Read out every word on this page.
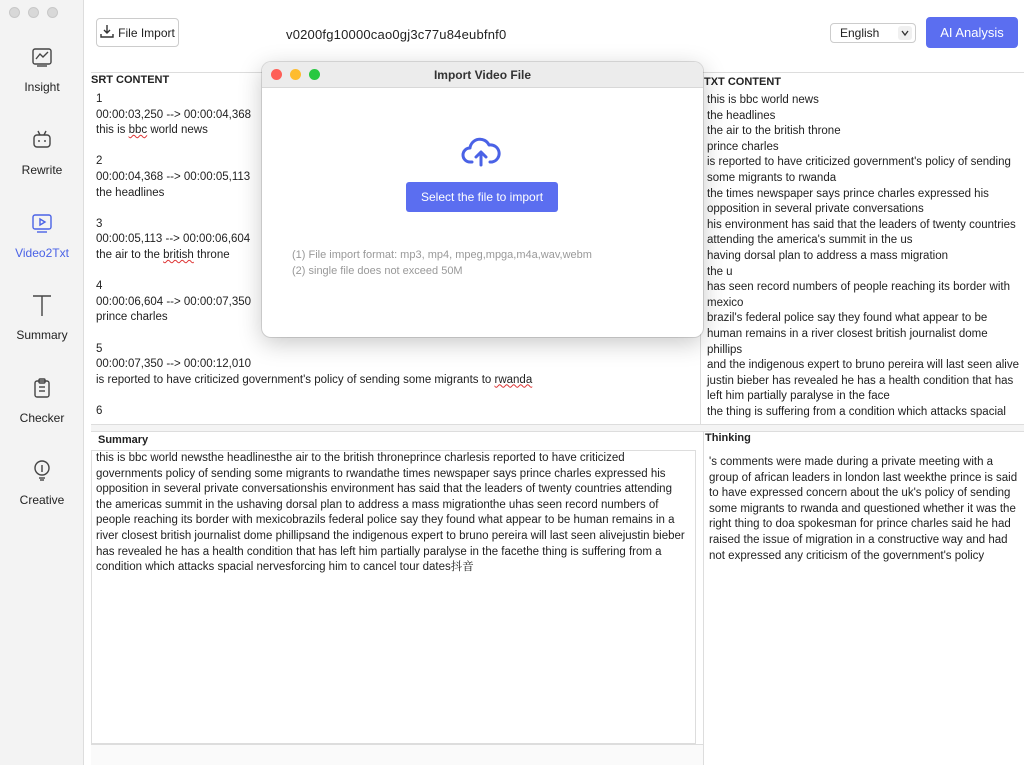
Insight
Rewrite
Video2Txt
Summary
Checker
Creative
File Import	v0200fg10000cao0gj3c77u84eubfnf0	English	AI Analysis
SRT CONTENT
1
00:00:03,250 --> 00:00:04,368
this is bbc world news
2
00:00:04,368 --> 00:00:05,113
the headlines
3
00:00:05,113 --> 00:00:06,604
the air to the british throne
4
00:00:06,604 --> 00:00:07,350
prince charles
5
00:00:07,350 --> 00:00:12,010
is reported to have criticized government's policy of sending some migrants to rwanda
6
TXT CONTENT
this is bbc world news
the headlines
the air to the british throne
prince charles
is reported to have criticized government's policy of sending
some migrants to rwanda
the times newspaper says prince charles expressed his
opposition in several private conversations
his environment has said that the leaders of twenty countries
attending the america's summit in the us
having dorsal plan to address a mass migration
the u
has seen record numbers of people reaching its border with
mexico
brazil's federal police say they found what appear to be
human remains in a river closest british journalist dome
phillips
and the indigenous expert to bruno pereira will last seen alive
justin bieber has revealed he has a health condition that has
left him partially paralyse in the face
the thing is suffering from a condition which attacks spacial
Summary
this is bbc world newsthe headlinesthe air to the british throneprince charlesis reported to have criticized
governments policy of sending some migrants to rwandathe times newspaper says prince charles expressed his
opposition in several private conversationshis environment has said that the leaders of twenty countries attending
the americas summit in the ushaving dorsal plan to address a mass migrationthe uhas seen record numbers of
people reaching its border with mexicobrazils federal police say they found what appear to be human remains in a
river closest british journalist dome phillipsand the indigenous expert to bruno pereira will last seen alivejustin bieber
has revealed he has a health condition that has left him partially paralyse in the facethe thing is suffering from a
condition which attacks spacial nervesforcing him to cancel tour dates抖音
Thinking
's comments were made during a private meeting with a
group of african leaders in london last weekthe prince is said
to have expressed concern about the uk's policy of sending
some migrants to rwanda and questioned whether it was the
right thing to doa spokesman for prince charles said he had
raised the issue of migration in a constructive way and had
not expressed any criticism of the government's policy
Import Video File
Select the file to import
(1) File import format: mp3, mp4, mpeg,mpga,m4a,wav,webm
(2) single file does not exceed 50M
